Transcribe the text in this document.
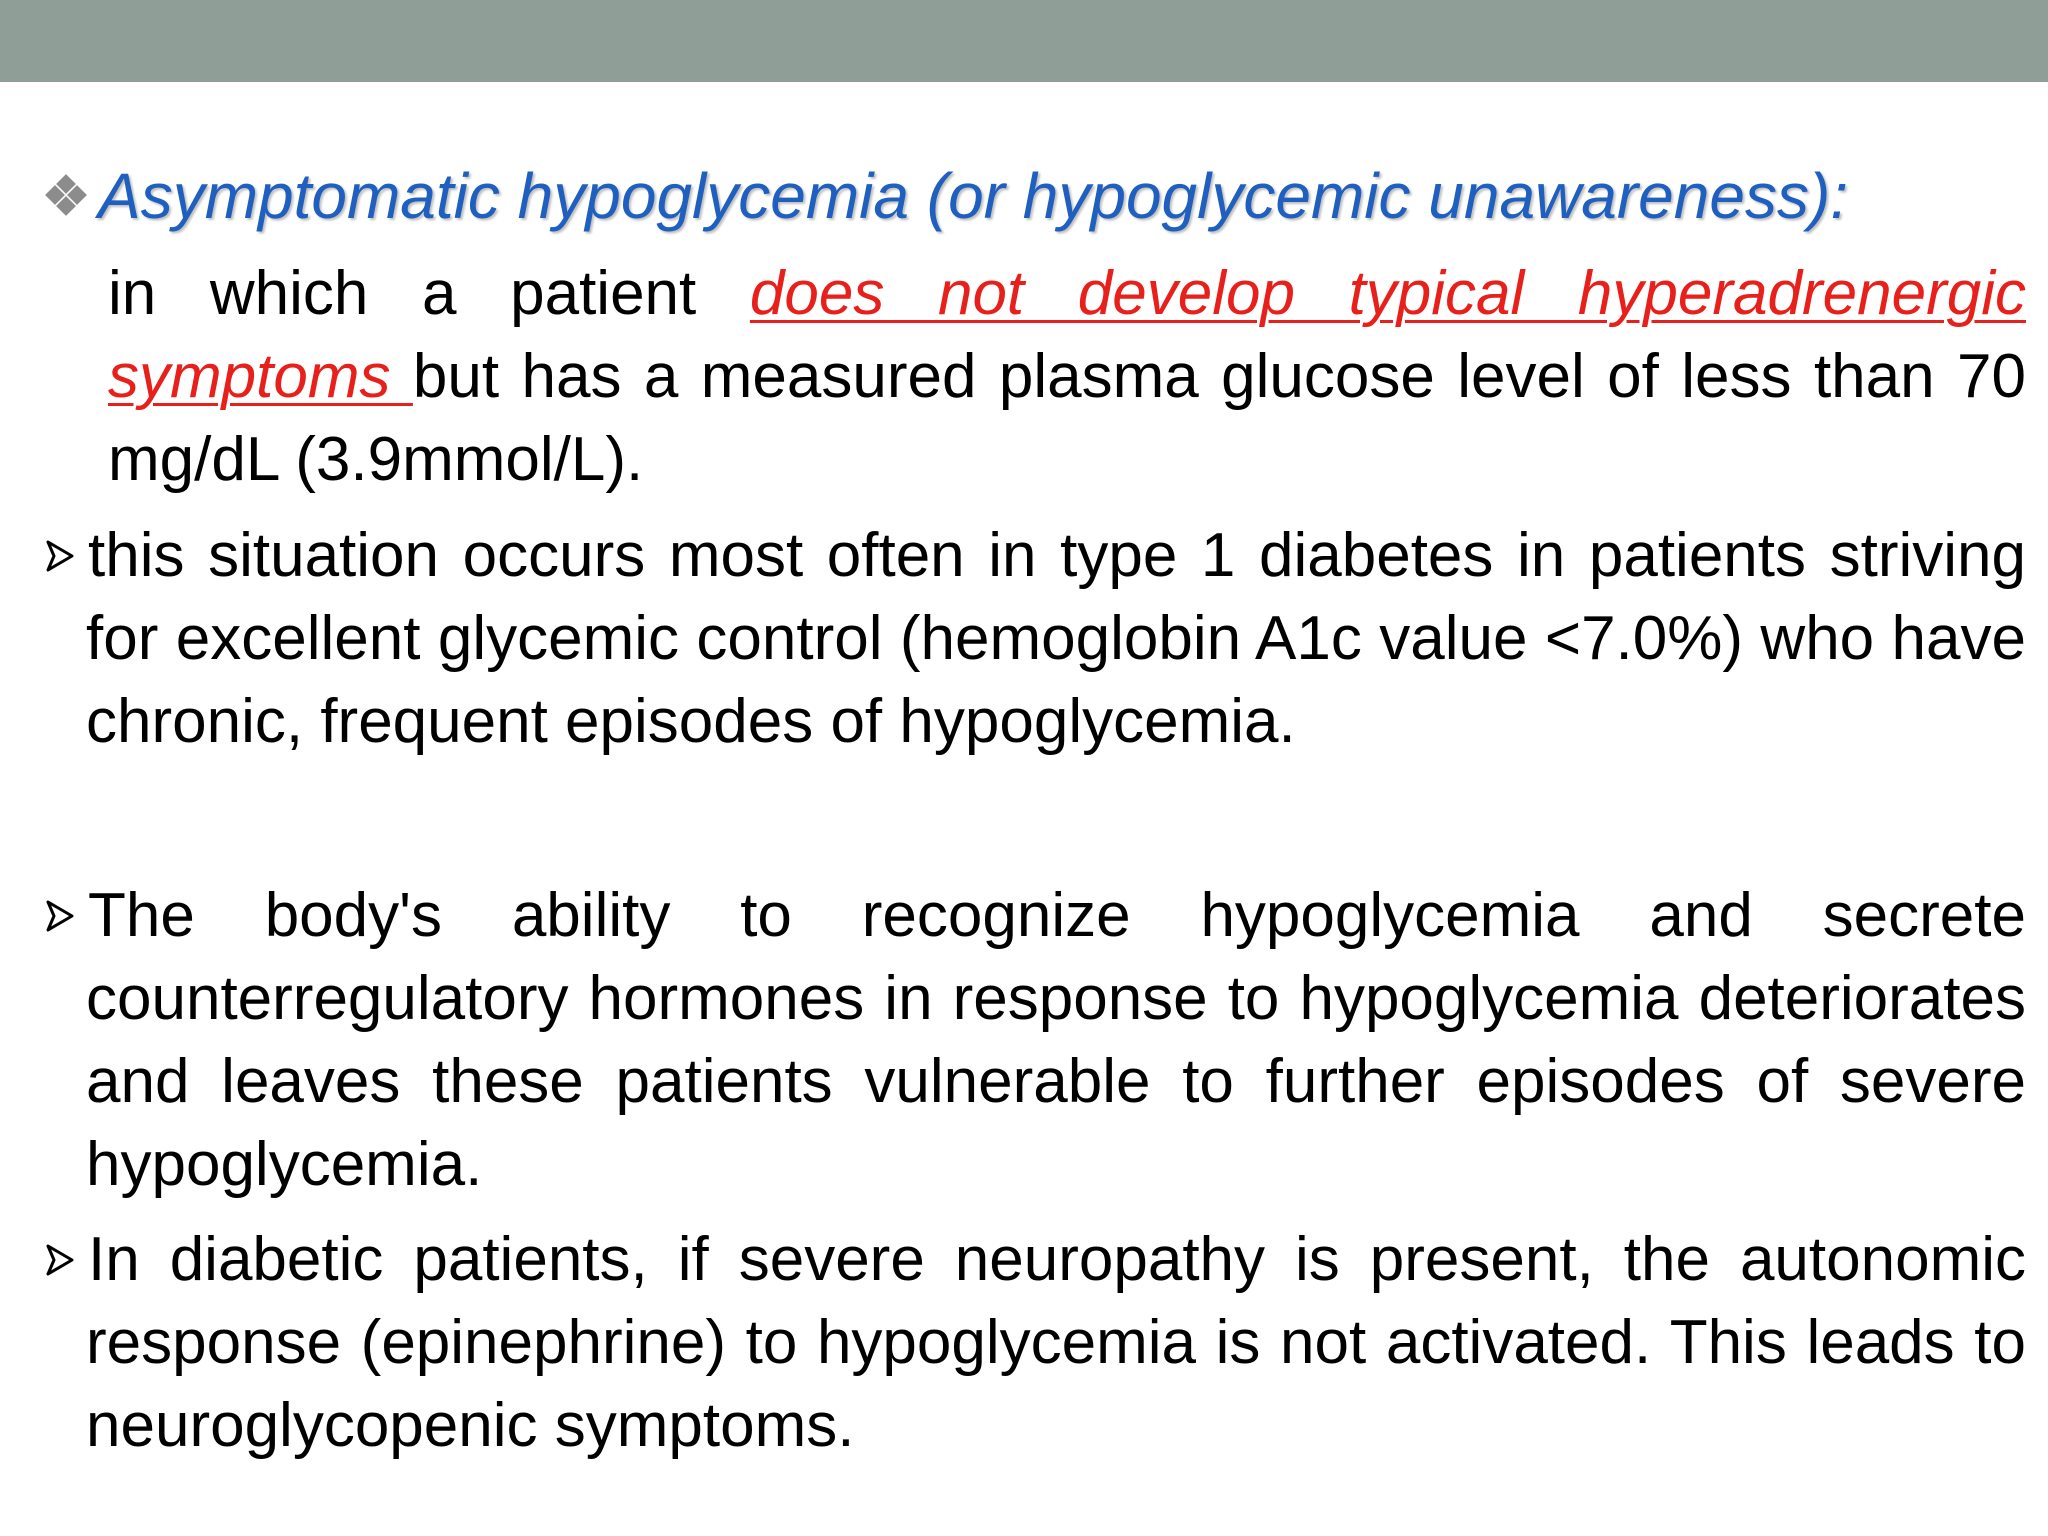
Asymptomatic hypoglycemia (or hypoglycemic unawareness):
in which a patient does not develop typical hyperadrenergic symptoms but has a measured plasma glucose level of less than 70 mg/dL (3.9mmol/L).
this situation occurs most often in type 1 diabetes in patients striving for excellent glycemic control (hemoglobin A1c value <7.0%) who have chronic, frequent episodes of hypoglycemia.
The body's ability to recognize hypoglycemia and secrete counterregulatory hormones in response to hypoglycemia deteriorates and leaves these patients vulnerable to further episodes of severe hypoglycemia.
In diabetic patients, if severe neuropathy is present, the autonomic response (epinephrine) to hypoglycemia is not activated. This leads to neuroglycopenic symptoms.
